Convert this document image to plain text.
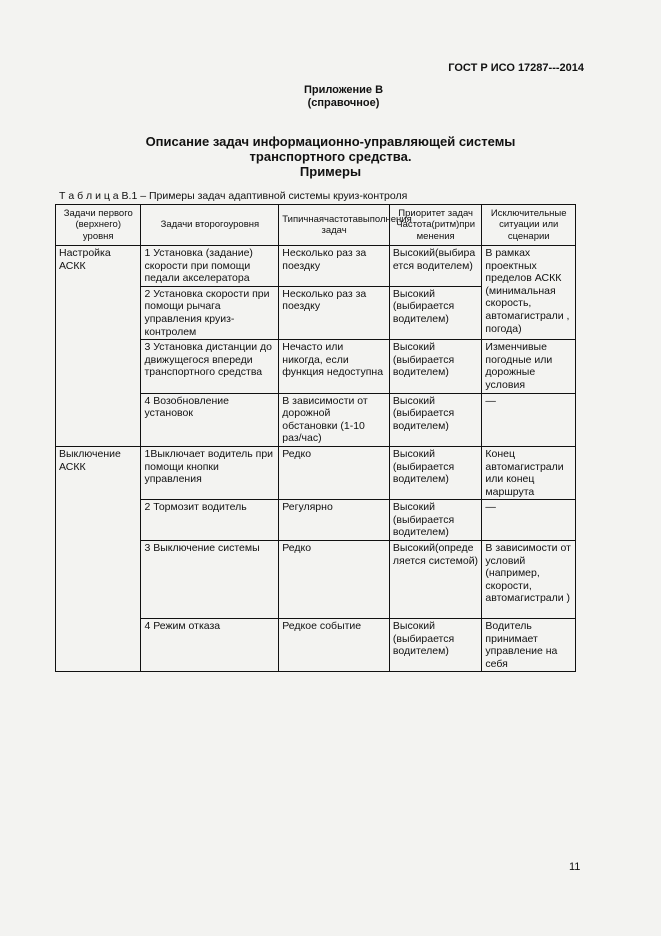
ГОСТ Р ИСО 17287---2014
Приложение В
(справочное)
Описание задач информационно-управляющей системы
транспортного средства.
Примеры
Т а б л и ц а В.1 – Примеры задач адаптивной системы круиз-контроля
Задачи первого (верхнего) уровня	Задачи второгоуровня	Типичнаячастотавыполнения задач	Приоритет задач Частота(ритм)при менения	Исключительные ситуации или сценарии
Настройка АСКК	1 Установка (задание) скорости при помощи педали акселератора	Несколько раз за поездку	Высокий(выбира ется водителем)	В рамках проектных пределов АСКК (минимальная скорость, автомагистрали , погода)
	2 Установка скорости при помощи рычага управления круиз-контролем	Несколько раз за поездку	Высокий (выбирается водителем)	
	3 Установка дистанции до движущегося впереди транспортного средства	Нечасто или никогда, если функция недоступна	Высокий (выбирается водителем)	Изменчивые погодные или дорожные условия
	4 Возобновление установок	В зависимости от дорожной обстановки (1-10 раз/час)	Высокий (выбирается водителем)	—
Выключение АСКК	1Выключает водитель при помощи кнопки управления	Редко	Высокий (выбирается водителем)	Конец автомагистрали или конец маршрута
	2 Тормозит водитель	Регулярно	Высокий (выбирается водителем)	—
	3 Выключение системы	Редко	Высокий(опреде ляется системой)	В зависимости от условий (например, скорости, автомагистрали )
	4 Режим отказа	Редкое событие	Высокий (выбирается водителем)	Водитель принимает управление на себя
11
